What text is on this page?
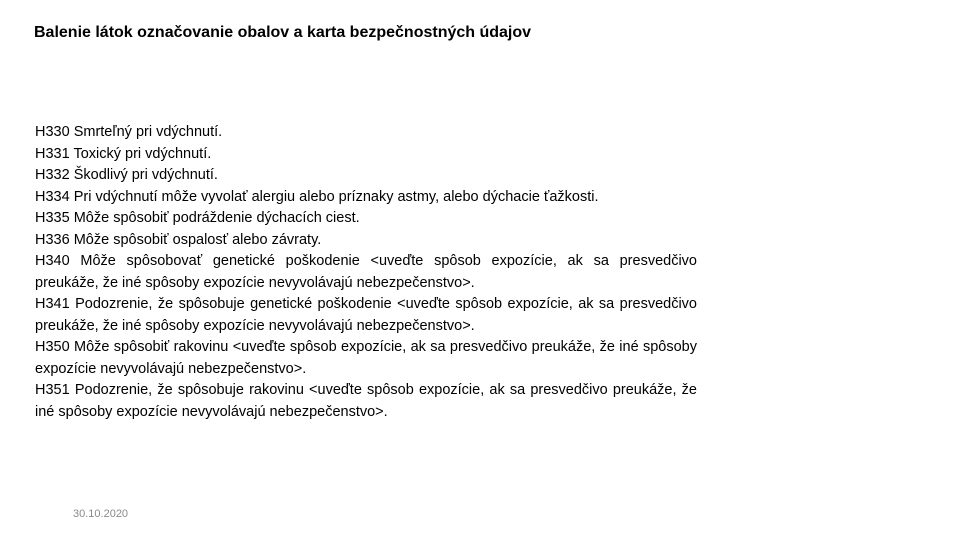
Balenie látok označovanie obalov a karta bezpečnostných údajov

H330 Smrteľný pri vdýchnutí.

H331 Toxický pri vdýchnutí.

H332 Škodlivý pri vdýchnutí.

H334 Pri vdýchnutí môže vyvolať alergiu alebo príznaky astmy, alebo dýchacie ťažkosti.

H335 Môže spôsobiť podráždenie dýchacích ciest.

H336 Môže spôsobiť ospalosť alebo závraty.

H340 Môže spôsobovať genetické poškodenie <uveďte spôsob expozície, ak sa presvedčivo preukáže, že iné spôsoby expozície nevyvolávajú nebezpečenstvo>.

H341 Podozrenie, že spôsobuje genetické poškodenie <uveďte spôsob expozície, ak sa presvedčivo preukáže, že iné spôsoby expozície nevyvolávajú nebezpečenstvo>.

H350 Môže spôsobiť rakovinu <uveďte spôsob expozície, ak sa presvedčivo preukáže, že iné spôsoby expozície nevyvolávajú nebezpečenstvo>.

H351 Podozrenie, že spôsobuje rakovinu <uveďte spôsob expozície, ak sa presvedčivo preukáže, že iné spôsoby expozície nevyvolávajú nebezpečenstvo>.

30.10.2020
